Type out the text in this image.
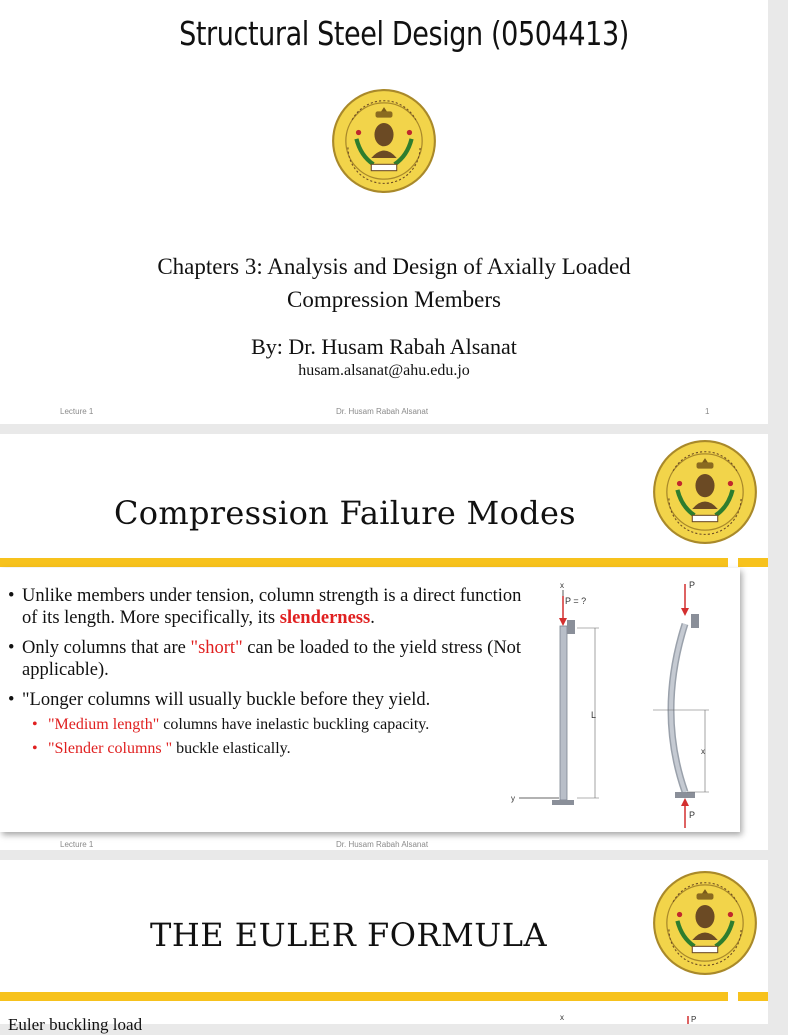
Structural Steel Design (0504413)
Chapters 3: Analysis and Design of Axially Loaded
Compression Members
By: Dr. Husam Rabah Alsanat
husam.alsanat@ahu.edu.jo
Lecture 1	Dr. Husam Rabah Alsanat	1
Compression Failure Modes
• Unlike members under tension, column strength is a direct function of its length. More specifically, its slenderness.
• Only columns that are "short" can be loaded to the yield stress (Not applicable).
• "Longer columns will usually buckle before they yield.
• "Medium length" columns have inelastic buckling capacity.
• "Slender columns " buckle elastically.
x
P = ?
L
y
P
x
P
Lecture 1	Dr. Husam Rabah Alsanat
THE EULER FORMULA
Euler buckling load	x	P
